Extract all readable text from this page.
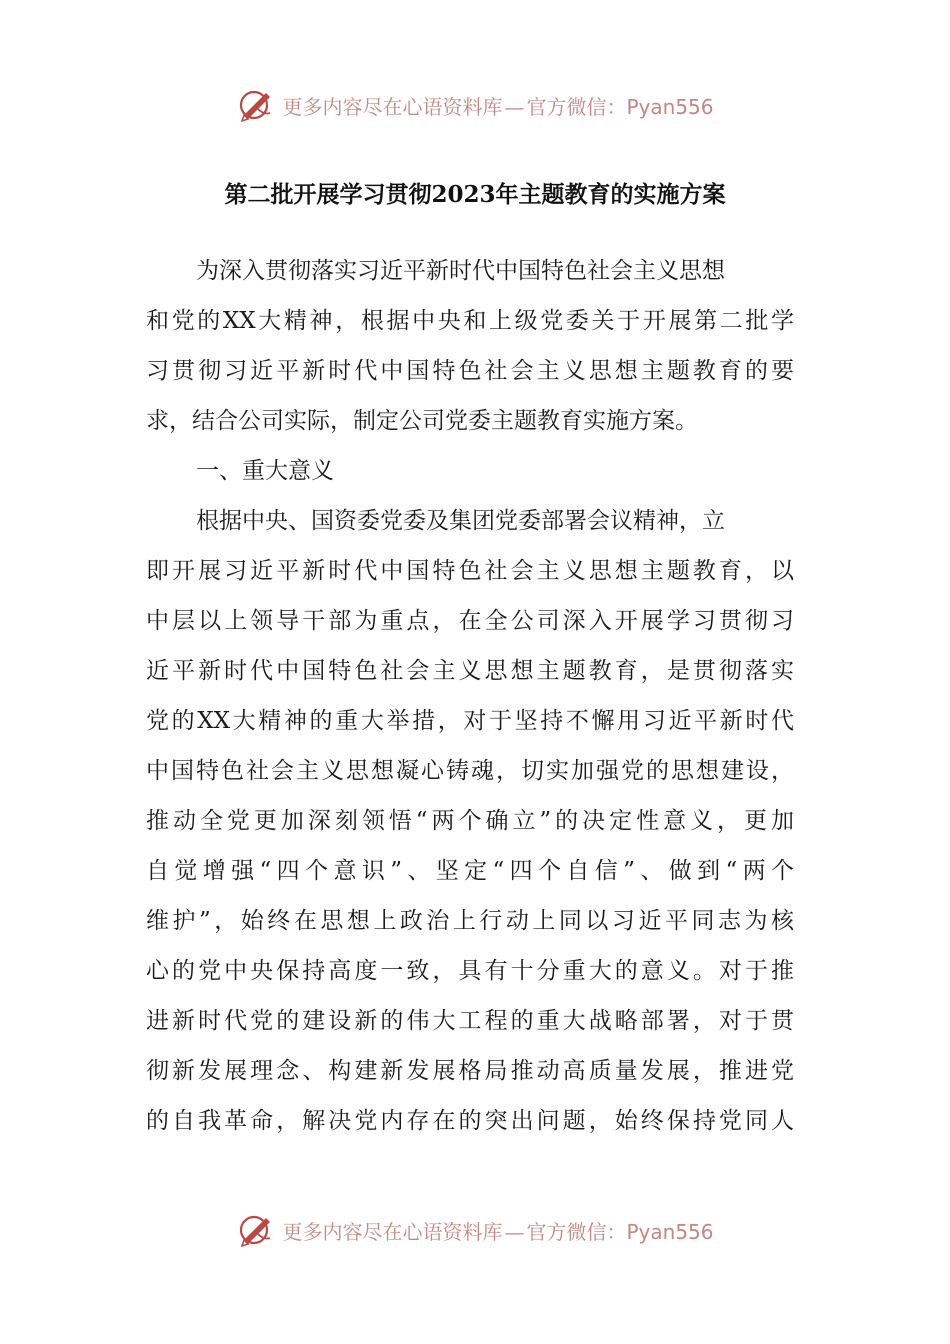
更多内容尽在心语资料库 — 官方微信：Pyan556
第二批开展学习贯彻2023年主题教育的实施方案
为深入贯彻落实习近平新时代中国特色社会主义思想
和党的XX大精神，根据中央和上级党委关于开展第二批学
习贯彻习近平新时代中国特色社会主义思想主题教育的要
求，结合公司实际，制定公司党委主题教育实施方案。
一、重大意义
根据中央、国资委党委及集团党委部署会议精神，立
即开展习近平新时代中国特色社会主义思想主题教育，以
中层以上领导干部为重点，在全公司深入开展学习贯彻习
近平新时代中国特色社会主义思想主题教育，是贯彻落实
党的XX大精神的重大举措，对于坚持不懈用习近平新时代
中国特色社会主义思想凝心铸魂，切实加强党的思想建设，
推动全党更加深刻领悟“两个确立”的决定性意义，更加
自觉增强“四个意识”、坚定“四个自信”、做到“两个
维护”，始终在思想上政治上行动上同以习近平同志为核
心的党中央保持高度一致，具有十分重大的意义。对于推
进新时代党的建设新的伟大工程的重大战略部署，对于贯
彻新发展理念、构建新发展格局推动高质量发展，推进党
的自我革命，解决党内存在的突出问题，始终保持党同人
更多内容尽在心语资料库 — 官方微信：Pyan556
